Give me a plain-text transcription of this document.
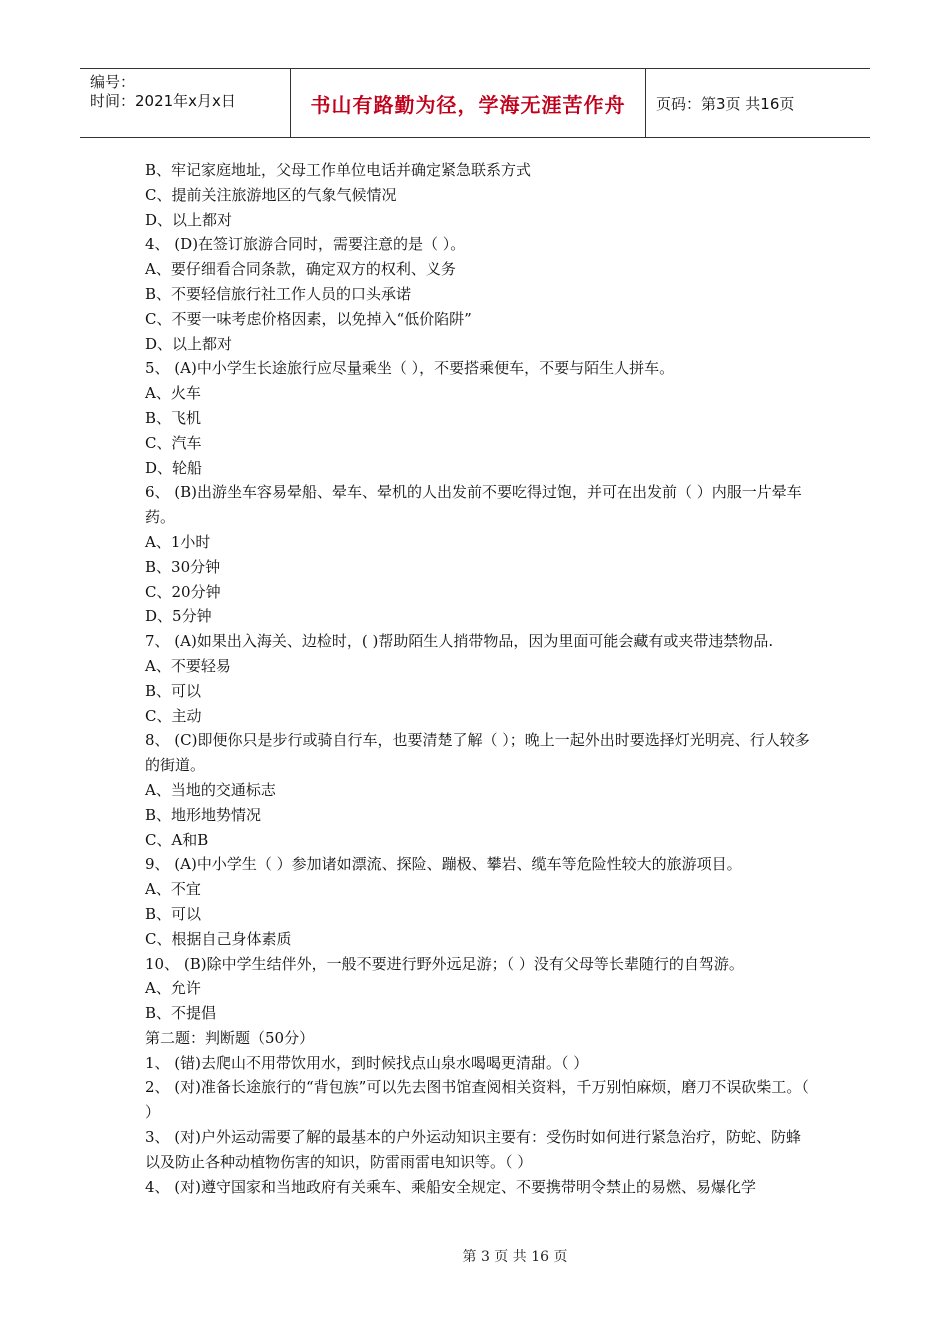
编号：
时间：2021年x月x日	书山有路勤为径，学海无涯苦作舟	页码：第3页 共16页

B、牢记家庭地址，父母工作单位电话并确定紧急联系方式

C、提前关注旅游地区的气象气候情况

D、以上都对

4、 (D)在签订旅游合同时，需要注意的是（ ）。

A、要仔细看合同条款，确定双方的权利、义务

B、不要轻信旅行社工作人员的口头承诺

C、不要一味考虑价格因素，以免掉入“低价陷阱”

D、以上都对

5、 (A)中小学生长途旅行应尽量乘坐（ ），不要搭乘便车，不要与陌生人拼车。

A、火车

B、飞机

C、汽车

D、轮船

6、 (B)出游坐车容易晕船、晕车、晕机的人出发前不要吃得过饱，并可在出发前（ ）内服一片晕车药。

A、1小时

B、30分钟

C、20分钟

D、5分钟

7、 (A)如果出入海关、边检时，( )帮助陌生人捎带物品，因为里面可能会藏有或夹带违禁物品.

A、不要轻易

B、可以

C、主动

8、 (C)即便你只是步行或骑自行车，也要清楚了解（ ）；晚上一起外出时要选择灯光明亮、行人较多的街道。

A、当地的交通标志

B、地形地势情况

C、A和B

9、 (A)中小学生（ ）参加诸如漂流、探险、蹦极、攀岩、缆车等危险性较大的旅游项目。

A、不宜

B、可以

C、根据自己身体素质

10、 (B)除中学生结伴外，一般不要进行野外远足游；（ ）没有父母等长辈随行的自驾游。

A、允许

B、不提倡

第二题：判断题（50分）

1、 (错)去爬山不用带饮用水，到时候找点山泉水喝喝更清甜。（ ）

2、 (对)准备长途旅行的“背包族”可以先去图书馆查阅相关资料，千万别怕麻烦，磨刀不误砍柴工。（ ）

3、 (对)户外运动需要了解的最基本的户外运动知识主要有：受伤时如何进行紧急治疗，防蛇、防蜂以及防止各种动植物伤害的知识，防雷雨雷电知识等。（ ）

4、 (对)遵守国家和当地政府有关乘车、乘船安全规定、不要携带明令禁止的易燃、易爆化学

第 3 页 共 16 页
